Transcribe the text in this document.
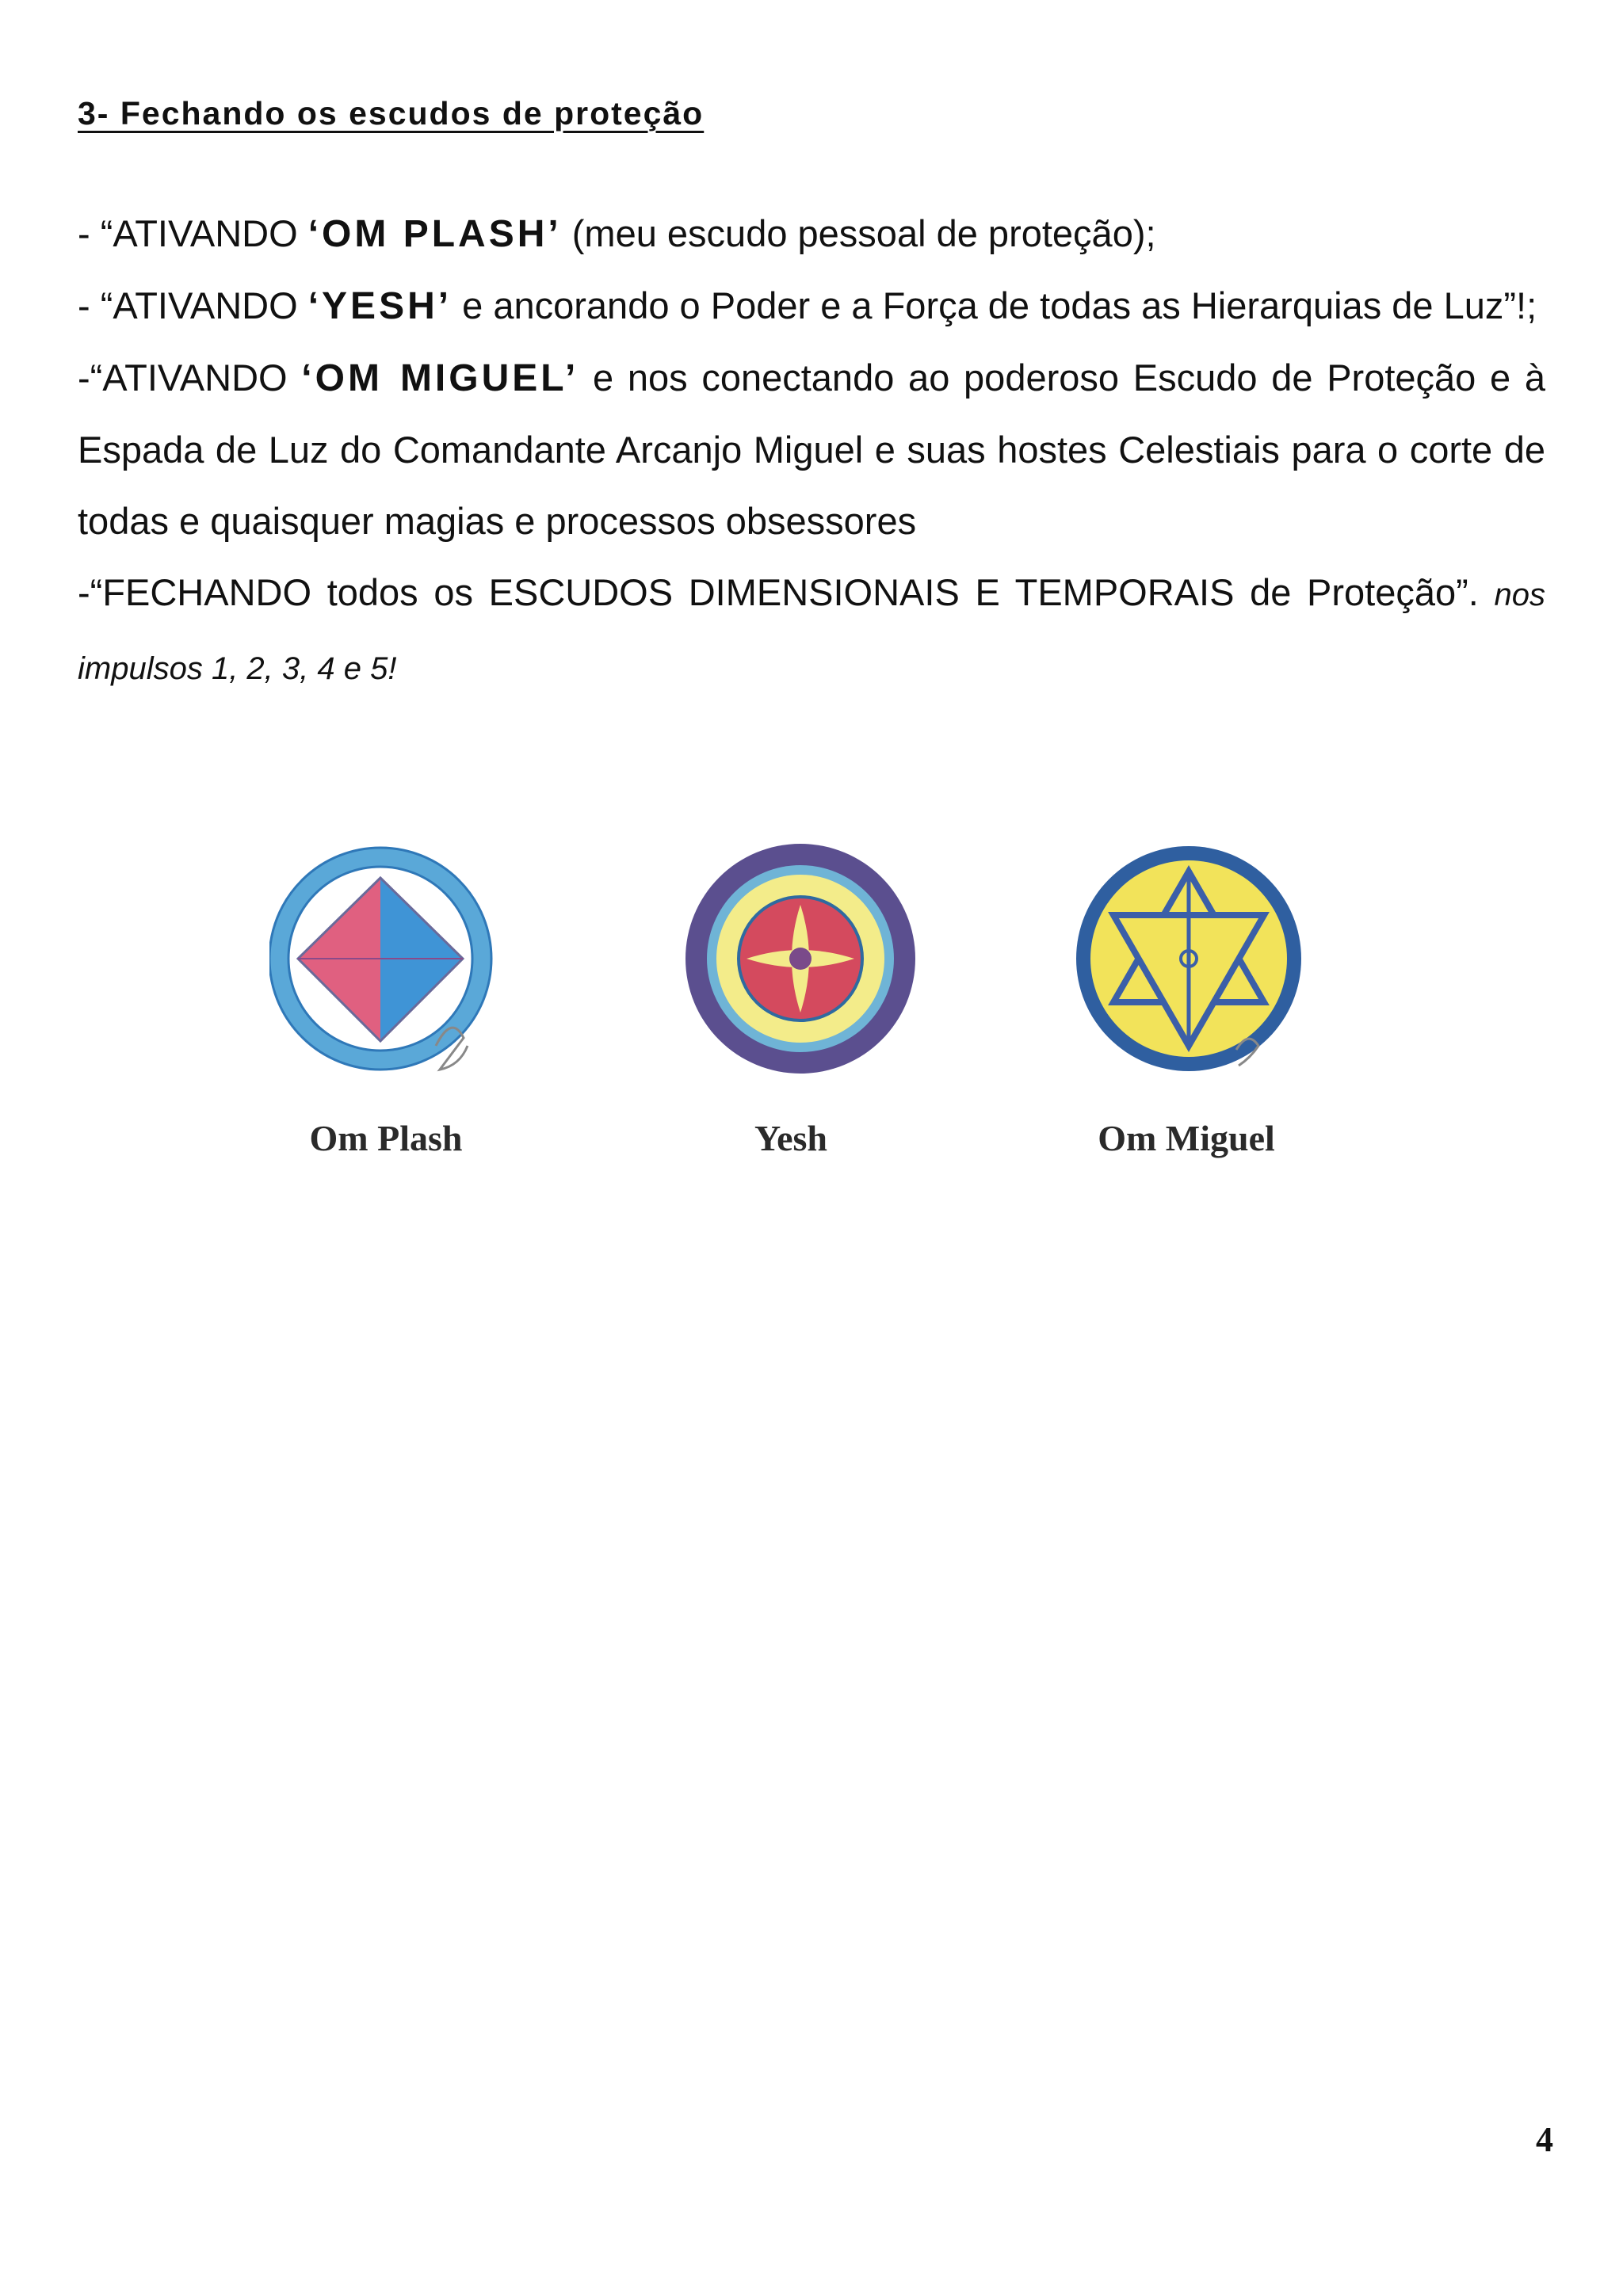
3- Fechando os escudos de proteção

- “ATIVANDO ‘OM PLASH’ (meu escudo pessoal de proteção);

- “ATIVANDO ‘YESH’ e ancorando o Poder e a Força de todas as Hierarquias de Luz”!;

-“ATIVANDO ‘OM MIGUEL’ e nos conectando ao poderoso Escudo de Proteção e à Espada de Luz do Comandante Arcanjo Miguel e suas hostes Celestiais para o corte de todas e quaisquer magias e processos obsessores

-“FECHANDO todos os ESCUDOS DIMENSIONAIS E TEMPORAIS de Proteção”. nos impulsos 1, 2, 3, 4 e 5!

Om Plash	Yesh	Om Miguel
4
